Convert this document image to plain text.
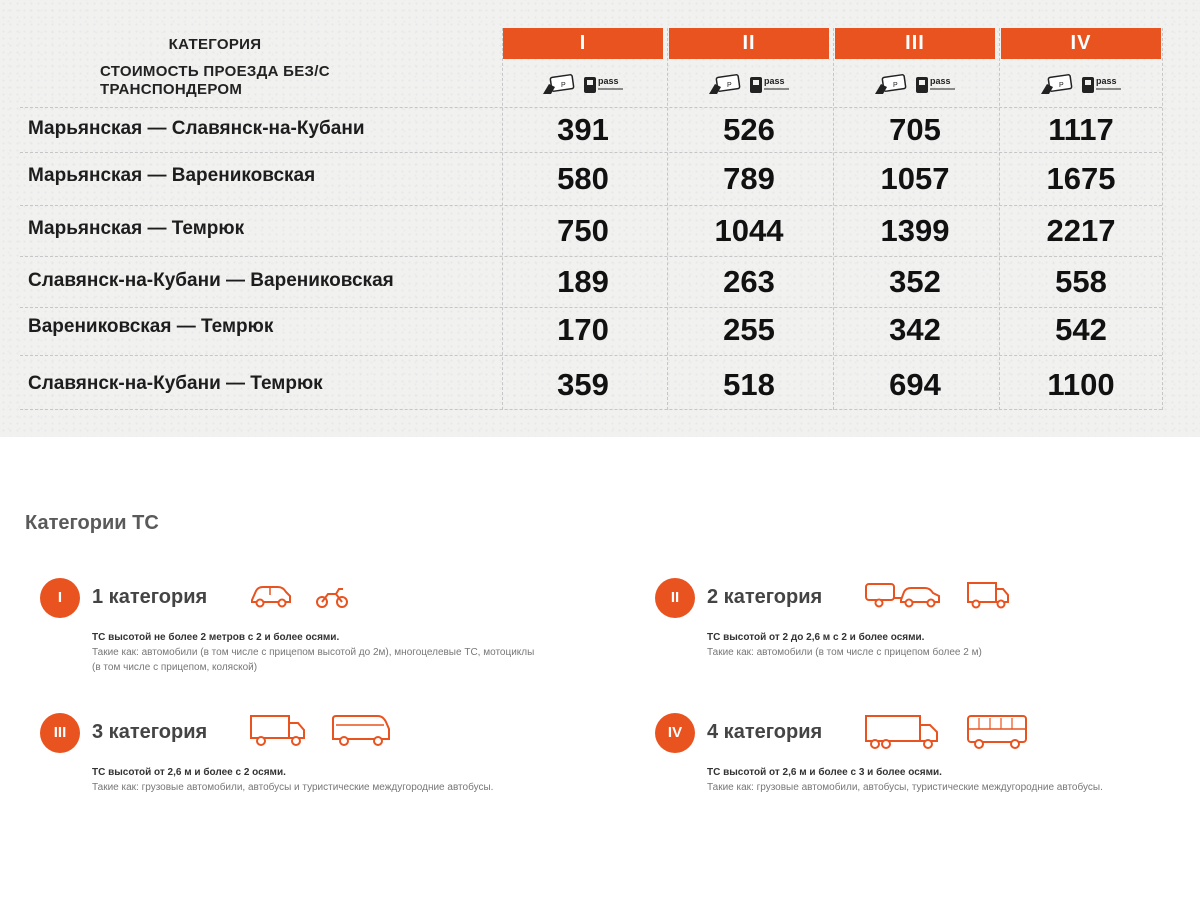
КАТЕГОРИЯ
СТОИМОСТЬ ПРОЕЗДА БЕЗ/С ТРАНСПОНДЕРОМ
I	II	III	IV
P	pass	P	pass	P	pass	P	pass
Марьянская — Славянск-на-Кубани	391	526	705	1117
Марьянская — Варениковская	580	789	1057	1675
Марьянская — Темрюк	750	1044	1399	2217
Славянск-на-Кубани — Варениковская	189	263	352	558
Варениковская — Темрюк	170	255	342	542
Славянск-на-Кубани — Темрюк	359	518	694	1100
Категории ТС
I	1 категория
ТС высотой не более 2 метров с 2 и более осями.
Такие как: автомобили (в том числе с прицепом высотой до 2м), многоцелевые ТС, мотоциклы (в том числе с прицепом, коляской)
II	2 категория
ТС высотой от 2 до 2,6 м с 2 и более осями.
Такие как: автомобили (в том числе с прицепом более 2 м)
III	3 категория
ТС высотой от 2,6 м и более с 2 осями.
Такие как: грузовые автомобили, автобусы и туристические междугородние автобусы.
IV	4 категория
ТС высотой от 2,6 м и более с 3 и более осями.
Такие как: грузовые автомобили, автобусы, туристические междугородние автобусы.
